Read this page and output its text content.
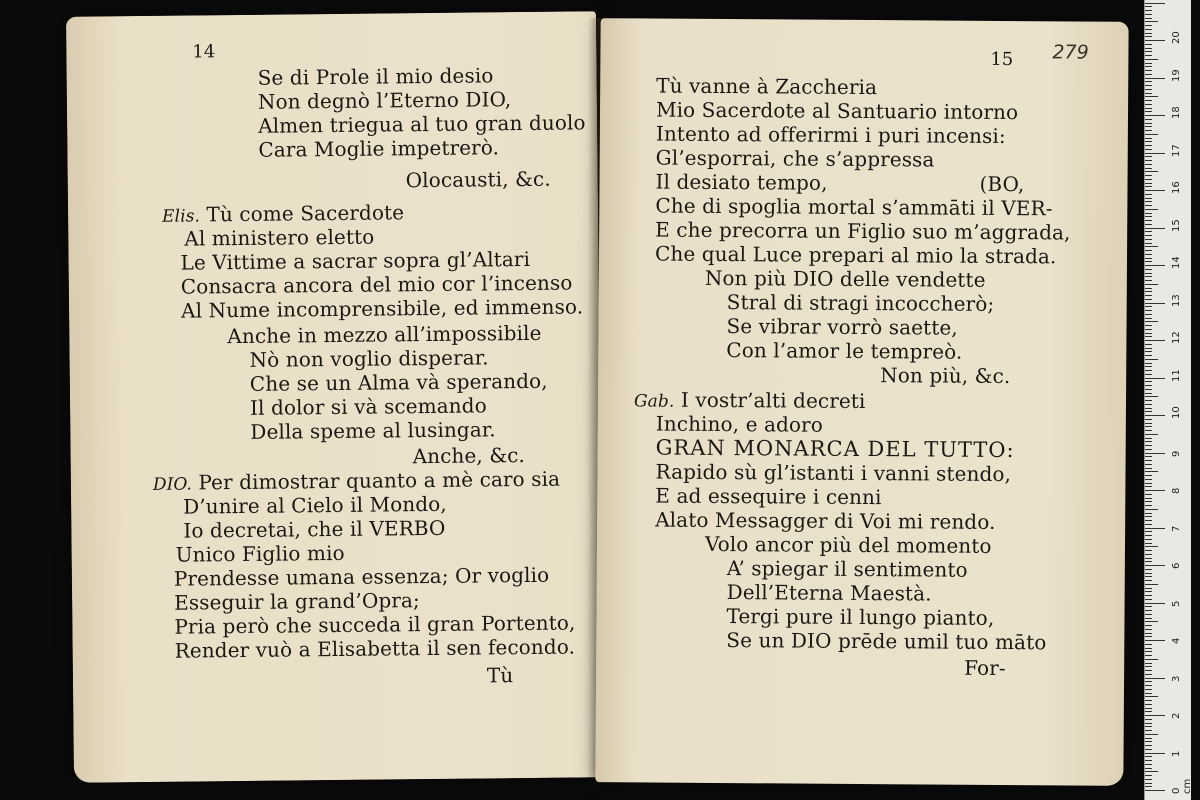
14
Se di Prole il mio desio
Non degnò l’Eterno DIO,
Almen triegua al tuo gran duolo
Cara Moglie impetrerò.
Olocausti, &c.
Elis. Tù come Sacerdote
Al ministero eletto
Le Vittime a sacrar sopra gl’Altari
Consacra ancora del mio cor l’incenso
Al Nume incomprensibile, ed immenso.
Anche in mezzo all’impossibile
Nò non voglio disperar.
Che se un Alma và sperando,
Il dolor si và scemando
Della speme al lusingar.
Anche, &c.
DIO. Per dimostrar quanto a mè caro sia
D’unire al Cielo il Mondo,
Io decretai, che il VERBO
Unico Figlio mio
Prendesse umana essenza; Or voglio
Esseguir la grand’Opra;
Pria però che succeda il gran Portento,
Render vuò a Elisabetta il sen fecondo.
Tù
15 279
Tù vanne à Zaccheria
Mio Sacerdote al Santuario intorno
Intento ad offerirmi i puri incensi:
Gl’esporrai, che s’appressa
Il desiato tempo,	(BO,
Che di spoglia mortal s’ammāti il VER-
E che precorra un Figlio suo m’aggrada,
Che qual Luce prepari al mio la strada.
Non più DIO delle vendette
Stral di stragi incoccherò;
Se vibrar vorrò saette,
Con l’amor le tempreò.
Non più, &c.
Gab. I vostr’alti decreti
Inchino, e adoro
GRAN MONARCA DEL TUTTO:
Rapido sù gl’istanti i vanni stendo,
E ad essequire i cenni
Alato Messagger di Voi mi rendo.
Volo ancor più del momento
A’ spiegar il sentimento
Dell’Eterna Maestà.
Tergi pure il lungo pianto,
Se un DIO prēde umil tuo māto
For-
0 cm
1
2
3
4
5
6
7
8
9
10
11
12
13
14
15
16
17
18
19
20
